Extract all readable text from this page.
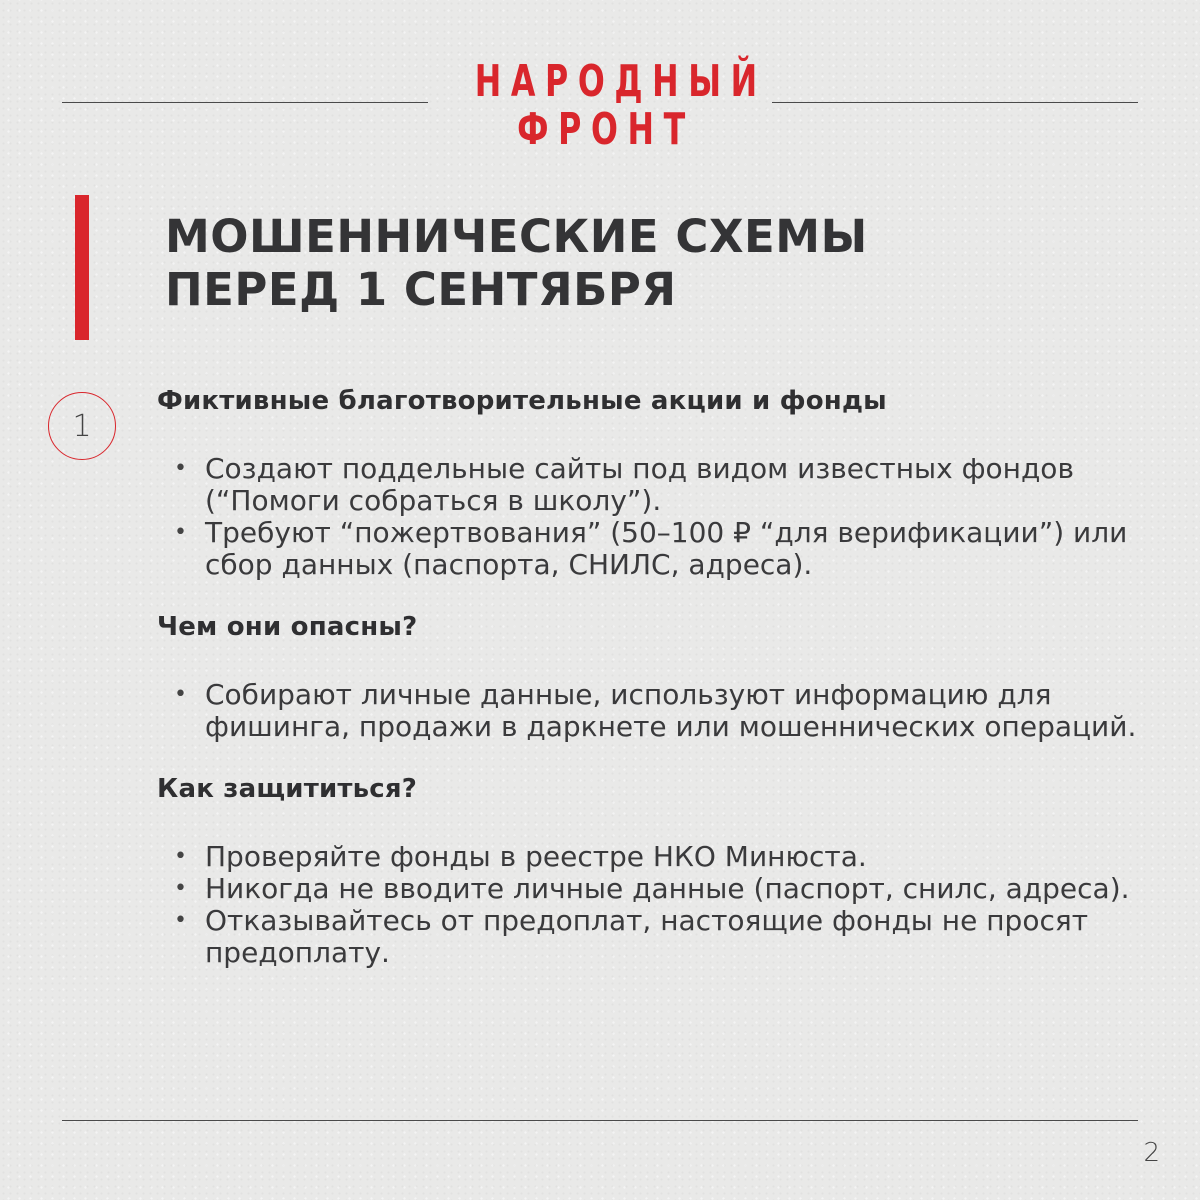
НАРОДНЫЙ
ФРОНТ
МОШЕННИЧЕСКИЕ СХЕМЫ
ПЕРЕД 1 СЕНТЯБРЯ
1
Фиктивные благотворительные акции и фонды
• Создают поддельные сайты под видом известных фондов (“Помоги собраться в школу”).
• Требуют “пожертвования” (50–100 ₽ “для верификации”) или сбор данных (паспорта, СНИЛС, адреса).
Чем они опасны?
• Собирают личные данные, используют информацию для фишинга, продажи в даркнете или мошеннических операций.
Как защититься?
• Проверяйте фонды в реестре НКО Минюста.
• Никогда не вводите личные данные (паспорт, снилс, адреса).
• Отказывайтесь от предоплат, настоящие фонды не просят предоплату.
2
